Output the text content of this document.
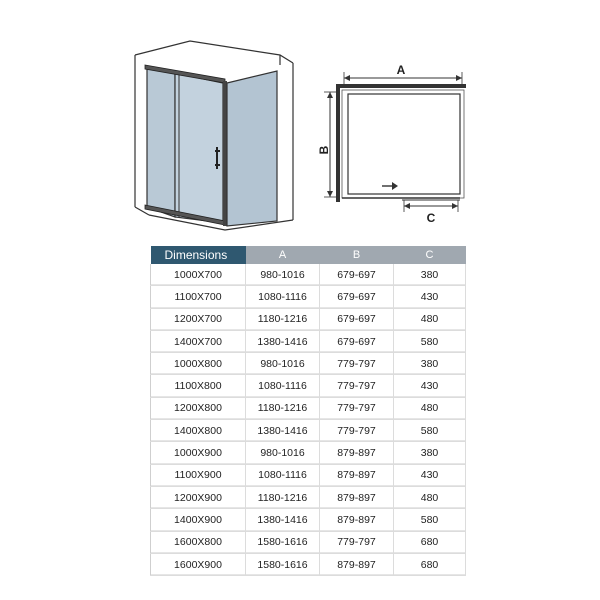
A
B
C
Dimensions	A	B	C
1000X700	980-1016	679-697	380
1100X700	1080-1116	679-697	430
1200X700	1180-1216	679-697	480
1400X700	1380-1416	679-697	580
1000X800	980-1016	779-797	380
1100X800	1080-1116	779-797	430
1200X800	1180-1216	779-797	480
1400X800	1380-1416	779-797	580
1000X900	980-1016	879-897	380
1100X900	1080-1116	879-897	430
1200X900	1180-1216	879-897	480
1400X900	1380-1416	879-897	580
1600X800	1580-1616	779-797	680
1600X900	1580-1616	879-897	680
